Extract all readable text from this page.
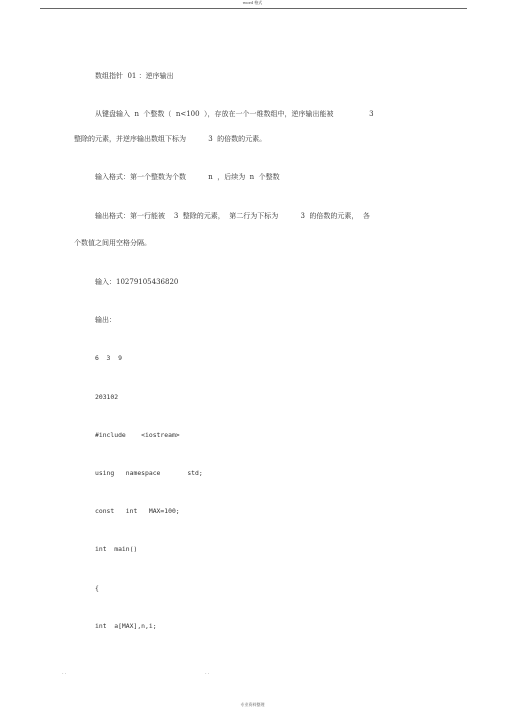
word 格式
数组指针  01 ：逆序输出
从键盘输入  n  个整数（  n<100  ），存放在一个一维数组中，逆序输出能被                3
整除的元素，并逆序输出数组下标为          3  的倍数的元素。
输入格式：第一个整数为个数          n  ，后续为  n  个整数
输出格式：第一行能被    3  整除的元素，  第二行为下标为          3  的倍数的元素，  各
个数值之间用空格分隔。
输入：10279105436820
输出：
6  3  9
203102
#include    <iostream>
using   namespace       std;
const   int   MAX=100;
int  main()
{
int  a[MAX],n,i;
..	..
专业资料整理
